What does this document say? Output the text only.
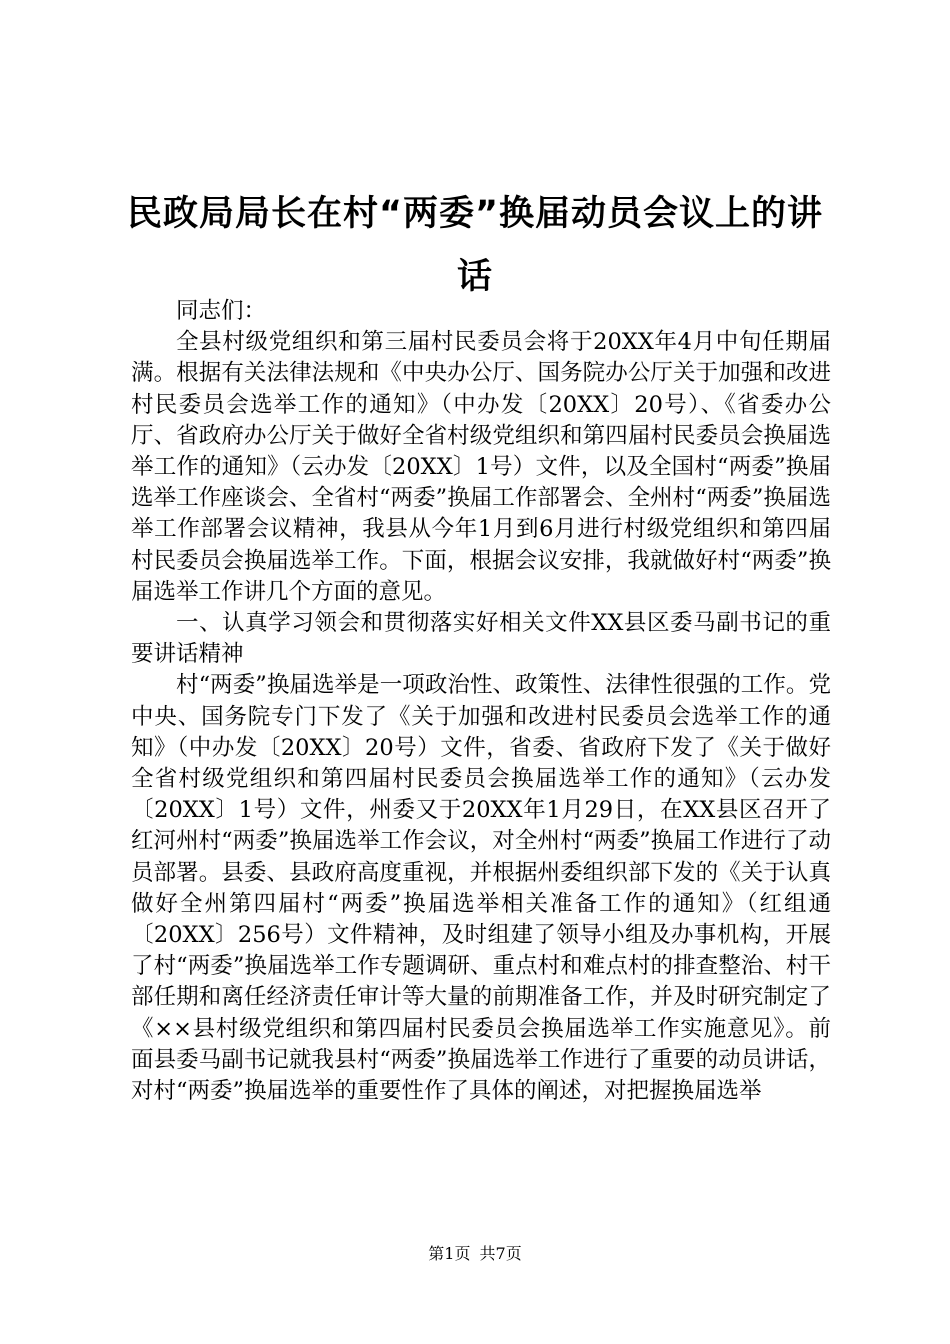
民政局局长在村“两委”换届动员会议上的讲话

同志们：

全县村级党组织和第三届村民委员会将于20XX年4月中旬任期届满。根据有关法律法规和《中央办公厅、国务院办公厅关于加强和改进村民委员会选举工作的通知》（中办发〔20XX〕20号）、《省委办公厅、省政府办公厅关于做好全省村级党组织和第四届村民委员会换届选举工作的通知》（云办发〔20XX〕1号）文件，以及全国村“两委”换届选举工作座谈会、全省村“两委”换届工作部署会、全州村“两委”换届选举工作部署会议精神，我县从今年1月到6月进行村级党组织和第四届村民委员会换届选举工作。下面，根据会议安排，我就做好村“两委”换届选举工作讲几个方面的意见。

一、认真学习领会和贯彻落实好相关文件XX县区委马副书记的重要讲话精神

村“两委”换届选举是一项政治性、政策性、法律性很强的工作。党中央、国务院专门下发了《关于加强和改进村民委员会选举工作的通知》（中办发〔20XX〕20号）文件，省委、省政府下发了《关于做好全省村级党组织和第四届村民委员会换届选举工作的通知》（云办发〔20XX〕1号）文件，州委又于20XX年1月29日，在XX县区召开了红河州村“两委”换届选举工作会议，对全州村“两委”换届工作进行了动员部署。县委、县政府高度重视，并根据州委组织部下发的《关于认真做好全州第四届村“两委”换届选举相关准备工作的通知》（红组通〔20XX〕256号）文件精神，及时组建了领导小组及办事机构，开展了村“两委”换届选举工作专题调研、重点村和难点村的排查整治、村干部任期和离任经济责任审计等大量的前期准备工作，并及时研究制定了《××县村级党组织和第四届村民委员会换届选举工作实施意见》。前面县委马副书记就我县村“两委”换届选举工作进行了重要的动员讲话，对村“两委”换届选举的重要性作了具体的阐述，对把握换届选举

第1页 共7页
